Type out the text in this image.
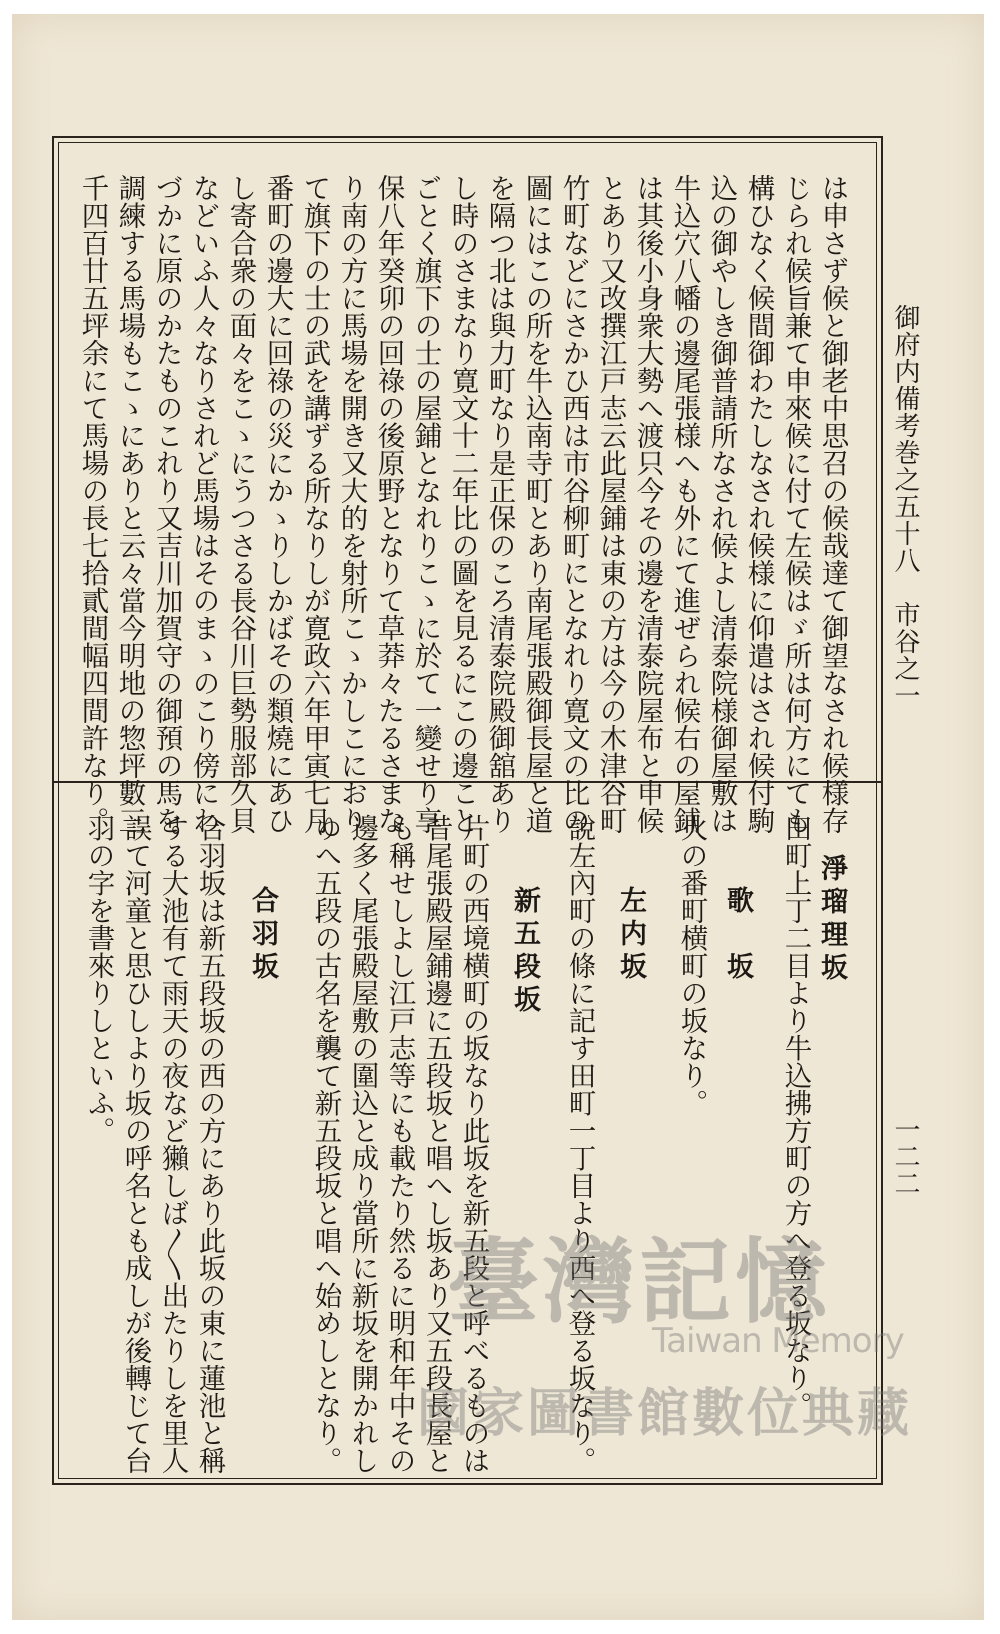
御府内備考巻之五十八　市谷之一
一二二
は申さず候と御老中思召の候哉達て御望なされ候様存
じられ候旨兼て申來候に付て左候はゞ所は何方にても
構ひなく候間御わたしなされ候様に仰遣はされ候付駒
込の御やしき御普請所なされ候よし清泰院様御屋敷は
牛込穴八幡の邊尾張様へも外にて進ぜられ候右の屋鋪
は其後小身衆大勢へ渡只今その邊を清泰院屋布と申候
とあり又改撰江戸志云此屋鋪は東の方は今の木津谷町
竹町などにさかひ西は市谷柳町にとなれり寛文の比の
圖にはこの所を牛込南寺町とあり南尾張殿御長屋と道
を隔つ北は與力町なり是正保のころ清泰院殿御舘あり
し時のさまなり寛文十二年比の圖を見るにこの邊こと
ごとく旗下の士の屋鋪となれりこゝに於て一變せり享
保八年癸卯の回祿の後原野となりて草莽々たるさまな
り南の方に馬場を開き又大的を射所こゝかしこにおり
て旗下の士の武を講ずる所なりしが寛政六年甲寅七月
番町の邊大に回祿の災にかゝりしかばその類燒にあひ
し寄合衆の面々をこゝにうつさる長谷川巨勢服部久貝
などいふ人々なりされど馬場はそのまゝのこり傍にわ
づかに原のかたものこれり又吉川加賀守の御預の馬を
調練する馬場もこゝにありと云々當今明地の惣坪數三
千四百廿五坪余にて馬場の長七拾貳間幅四間許なり。
淨瑠理坂
田町上丁二目より牛込拂方町の方へ登る坂なり。
歌　坂
火の番町横町の坂なり。
左内坂
說左內町の條に記す田町一丁目より西へ登る坂なり。
新五段坂
片町の西境横町の坂なり此坂を新五段と呼べるものは
昔尾張殿屋鋪邊に五段坂と唱へし坂あり又五段長屋と
も稱せしよし江戸志等にも載たり然るに明和年中その
邊多く尾張殿屋敷の圍込と成り當所に新坂を開かれし
ゆへ五段の古名を襲て新五段坂と唱へ始めしとなり。
合羽坂
合羽坂は新五段坂の西の方にあり此坂の東に蓮池と稱
する大池有て雨天の夜など獺しば〳〵出たりしを里人
誤て河童と思ひしより坂の呼名とも成しが後轉じて台
羽の字を書來りしといふ。
臺灣記憶
Taiwan Memory
國家圖書館數位典藏
